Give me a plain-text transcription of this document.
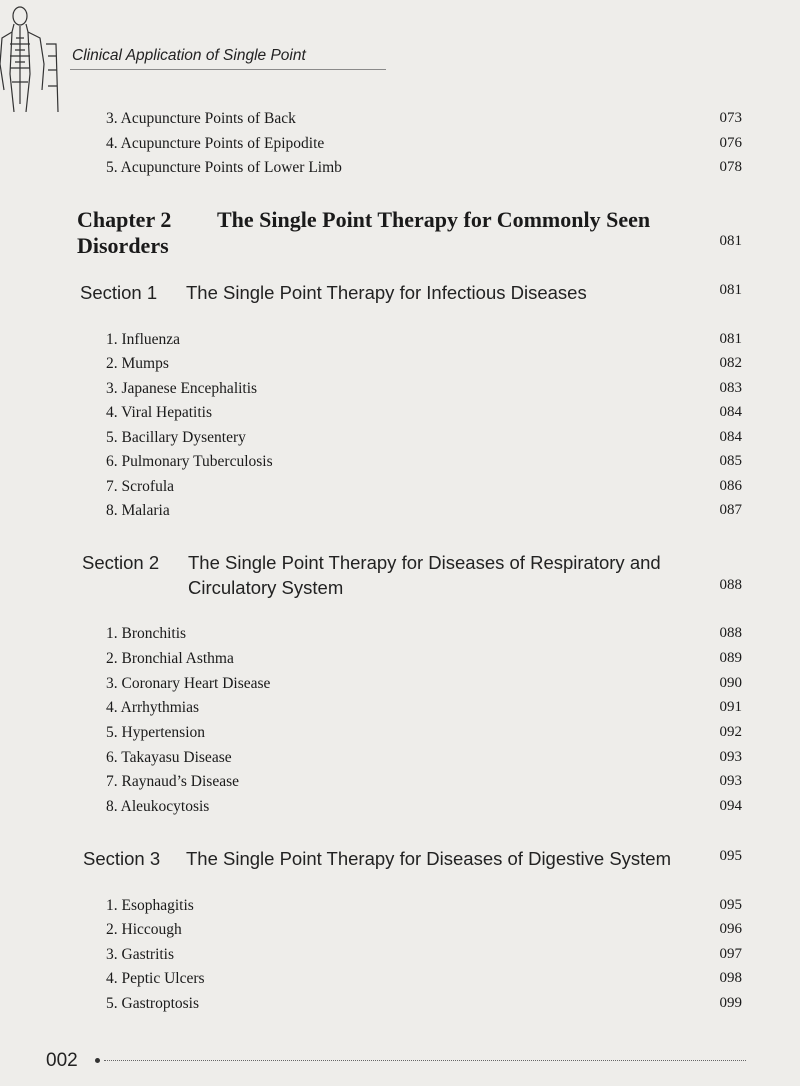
Clinical Application of Single Point
3. Acupuncture Points of Back	073
4. Acupuncture Points of Epipodite	076
5. Acupuncture Points of Lower Limb	078
Chapter 2 The Single Point Therapy for Commonly Seen Disorders	081
Section 1 The Single Point Therapy for Infectious Diseases	081
1. Influenza	081
2. Mumps	082
3. Japanese Encephalitis	083
4. Viral Hepatitis	084
5. Bacillary Dysentery	084
6. Pulmonary Tuberculosis	085
7. Scrofula	086
8. Malaria	087
Section 2 The Single Point Therapy for Diseases of Respiratory and Circulatory System	088
1. Bronchitis	088
2. Bronchial Asthma	089
3. Coronary Heart Disease	090
4. Arrhythmias	091
5. Hypertension	092
6. Takayasu Disease	093
7. Raynaud’s Disease	093
8. Aleukocytosis	094
Section 3 The Single Point Therapy for Diseases of Digestive System	095
1. Esophagitis	095
2. Hiccough	096
3. Gastritis	097
4. Peptic Ulcers	098
5. Gastroptosis	099
002
